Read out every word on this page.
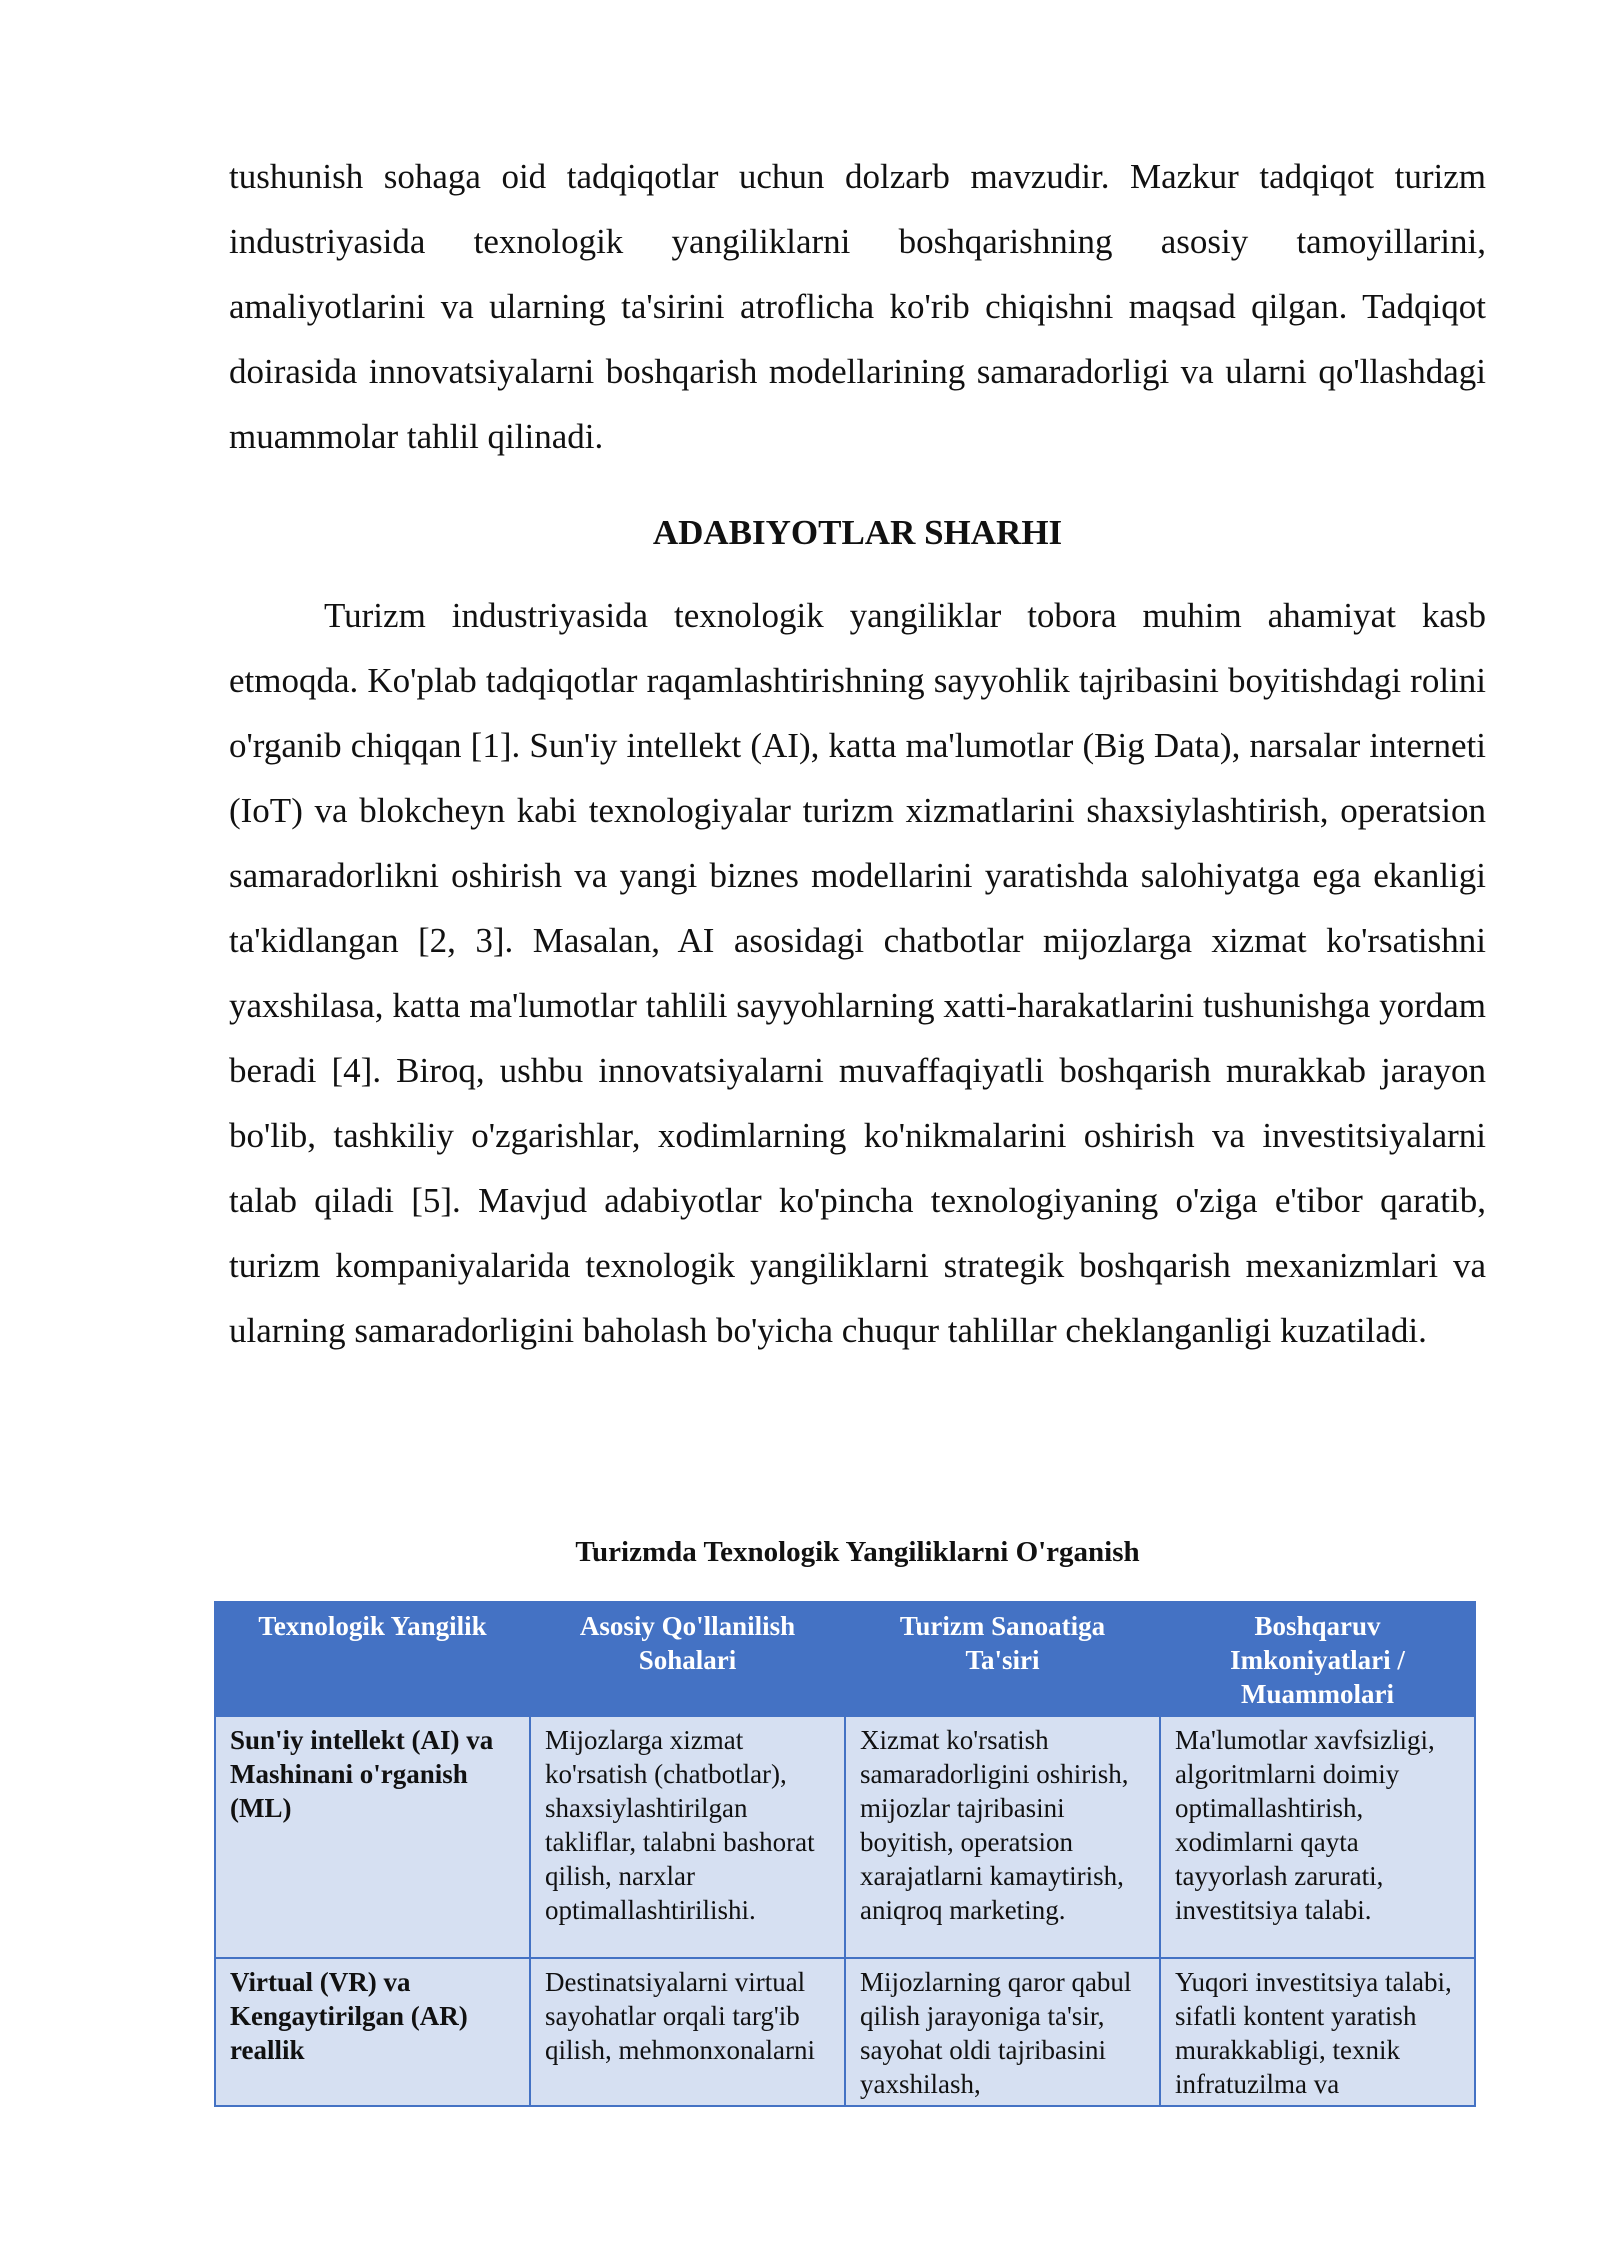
tushunish sohaga oid tadqiqotlar uchun dolzarb mavzudir. Mazkur tadqiqot turizm industriyasida texnologik yangiliklarni boshqarishning asosiy tamoyillarini, amaliyotlarini va ularning ta'sirini atroflicha ko'rib chiqishni maqsad qilgan. Tadqiqot doirasida innovatsiyalarni boshqarish modellarining samaradorligi va ularni qo'llashdagi muammolar tahlil qilinadi.

ADABIYOTLAR SHARHI

Turizm industriyasida texnologik yangiliklar tobora muhim ahamiyat kasb etmoqda. Ko'plab tadqiqotlar raqamlashtirishning sayyohlik tajribasini boyitishdagi rolini o'rganib chiqqan [1]. Sun'iy intellekt (AI), katta ma'lumotlar (Big Data), narsalar interneti (IoT) va blokcheyn kabi texnologiyalar turizm xizmatlarini shaxsiylashtirish, operatsion samaradorlikni oshirish va yangi biznes modellarini yaratishda salohiyatga ega ekanligi ta'kidlangan [2, 3]. Masalan, AI asosidagi chatbotlar mijozlarga xizmat ko'rsatishni yaxshilasa, katta ma'lumotlar tahlili sayyohlarning xatti-harakatlarini tushunishga yordam beradi [4]. Biroq, ushbu innovatsiyalarni muvaffaqiyatli boshqarish murakkab jarayon bo'lib, tashkiliy o'zgarishlar, xodimlarning ko'nikmalarini oshirish va investitsiyalarni talab qiladi [5]. Mavjud adabiyotlar ko'pincha texnologiyaning o'ziga e'tibor qaratib, turizm kompaniyalarida texnologik yangiliklarni strategik boshqarish mexanizmlari va ularning samaradorligini baholash bo'yicha chuqur tahlillar cheklanganligi kuzatiladi.

Turizmda Texnologik Yangiliklarni O'rganish
Texnologik Yangilik	Asosiy Qo'llanilish Sohalari	Turizm Sanoatiga Ta'siri	Boshqaruv Imkoniyatlari / Muammolari
Sun'iy intellekt (AI) va Mashinani o'rganish (ML)	Mijozlarga xizmat ko'rsatish (chatbotlar), shaxsiylashtirilgan takliflar, talabni bashorat qilish, narxlar optimallashtirilishi.	Xizmat ko'rsatish samaradorligini oshirish, mijozlar tajribasini boyitish, operatsion xarajatlarni kamaytirish, aniqroq marketing.	Ma'lumotlar xavfsizligi, algoritmlarni doimiy optimallashtirish, xodimlarni qayta tayyorlash zarurati, investitsiya talabi.
Virtual (VR) va Kengaytirilgan (AR) reallik	Destinatsiyalarni virtual sayohatlar orqali targ'ib qilish, mehmonxonalarni	Mijozlarning qaror qabul qilish jarayoniga ta'sir, sayohat oldi tajribasini yaxshilash,	Yuqori investitsiya talabi, sifatli kontent yaratish murakkabligi, texnik infratuzilma va
